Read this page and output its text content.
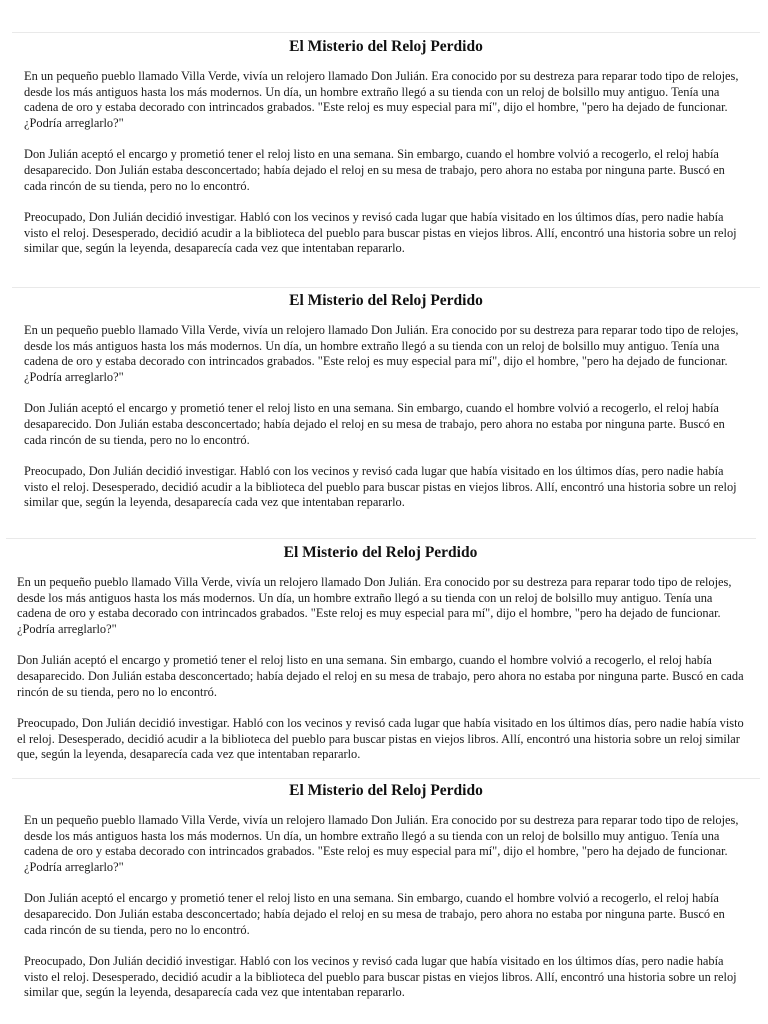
El Misterio del Reloj Perdido

En un pequeño pueblo llamado Villa Verde, vivía un relojero llamado Don Julián. Era conocido por su destreza para reparar todo tipo de relojes, desde los más antiguos hasta los más modernos. Un día, un hombre extraño llegó a su tienda con un reloj de bolsillo muy antiguo. Tenía una cadena de oro y estaba decorado con intrincados grabados. "Este reloj es muy especial para mí", dijo el hombre, "pero ha dejado de funcionar. ¿Podría arreglarlo?"

Don Julián aceptó el encargo y prometió tener el reloj listo en una semana. Sin embargo, cuando el hombre volvió a recogerlo, el reloj había desaparecido. Don Julián estaba desconcertado; había dejado el reloj en su mesa de trabajo, pero ahora no estaba por ninguna parte. Buscó en cada rincón de su tienda, pero no lo encontró.

Preocupado, Don Julián decidió investigar. Habló con los vecinos y revisó cada lugar que había visitado en los últimos días, pero nadie había visto el reloj. Desesperado, decidió acudir a la biblioteca del pueblo para buscar pistas en viejos libros. Allí, encontró una historia sobre un reloj similar que, según la leyenda, desaparecía cada vez que intentaban repararlo.

El Misterio del Reloj Perdido

En un pequeño pueblo llamado Villa Verde, vivía un relojero llamado Don Julián. Era conocido por su destreza para reparar todo tipo de relojes, desde los más antiguos hasta los más modernos. Un día, un hombre extraño llegó a su tienda con un reloj de bolsillo muy antiguo. Tenía una cadena de oro y estaba decorado con intrincados grabados. "Este reloj es muy especial para mí", dijo el hombre, "pero ha dejado de funcionar. ¿Podría arreglarlo?"

Don Julián aceptó el encargo y prometió tener el reloj listo en una semana. Sin embargo, cuando el hombre volvió a recogerlo, el reloj había desaparecido. Don Julián estaba desconcertado; había dejado el reloj en su mesa de trabajo, pero ahora no estaba por ninguna parte. Buscó en cada rincón de su tienda, pero no lo encontró.

Preocupado, Don Julián decidió investigar. Habló con los vecinos y revisó cada lugar que había visitado en los últimos días, pero nadie había visto el reloj. Desesperado, decidió acudir a la biblioteca del pueblo para buscar pistas en viejos libros. Allí, encontró una historia sobre un reloj similar que, según la leyenda, desaparecía cada vez que intentaban repararlo.

El Misterio del Reloj Perdido

En un pequeño pueblo llamado Villa Verde, vivía un relojero llamado Don Julián. Era conocido por su destreza para reparar todo tipo de relojes, desde los más antiguos hasta los más modernos. Un día, un hombre extraño llegó a su tienda con un reloj de bolsillo muy antiguo. Tenía una cadena de oro y estaba decorado con intrincados grabados. "Este reloj es muy especial para mí", dijo el hombre, "pero ha dejado de funcionar. ¿Podría arreglarlo?"

Don Julián aceptó el encargo y prometió tener el reloj listo en una semana. Sin embargo, cuando el hombre volvió a recogerlo, el reloj había desaparecido. Don Julián estaba desconcertado; había dejado el reloj en su mesa de trabajo, pero ahora no estaba por ninguna parte. Buscó en cada rincón de su tienda, pero no lo encontró.

Preocupado, Don Julián decidió investigar. Habló con los vecinos y revisó cada lugar que había visitado en los últimos días, pero nadie había visto el reloj. Desesperado, decidió acudir a la biblioteca del pueblo para buscar pistas en viejos libros. Allí, encontró una historia sobre un reloj similar que, según la leyenda, desaparecía cada vez que intentaban repararlo.

El Misterio del Reloj Perdido

En un pequeño pueblo llamado Villa Verde, vivía un relojero llamado Don Julián. Era conocido por su destreza para reparar todo tipo de relojes, desde los más antiguos hasta los más modernos. Un día, un hombre extraño llegó a su tienda con un reloj de bolsillo muy antiguo. Tenía una cadena de oro y estaba decorado con intrincados grabados. "Este reloj es muy especial para mí", dijo el hombre, "pero ha dejado de funcionar. ¿Podría arreglarlo?"

Don Julián aceptó el encargo y prometió tener el reloj listo en una semana. Sin embargo, cuando el hombre volvió a recogerlo, el reloj había desaparecido. Don Julián estaba desconcertado; había dejado el reloj en su mesa de trabajo, pero ahora no estaba por ninguna parte. Buscó en cada rincón de su tienda, pero no lo encontró.

Preocupado, Don Julián decidió investigar. Habló con los vecinos y revisó cada lugar que había visitado en los últimos días, pero nadie había visto el reloj. Desesperado, decidió acudir a la biblioteca del pueblo para buscar pistas en viejos libros. Allí, encontró una historia sobre un reloj similar que, según la leyenda, desaparecía cada vez que intentaban repararlo.
